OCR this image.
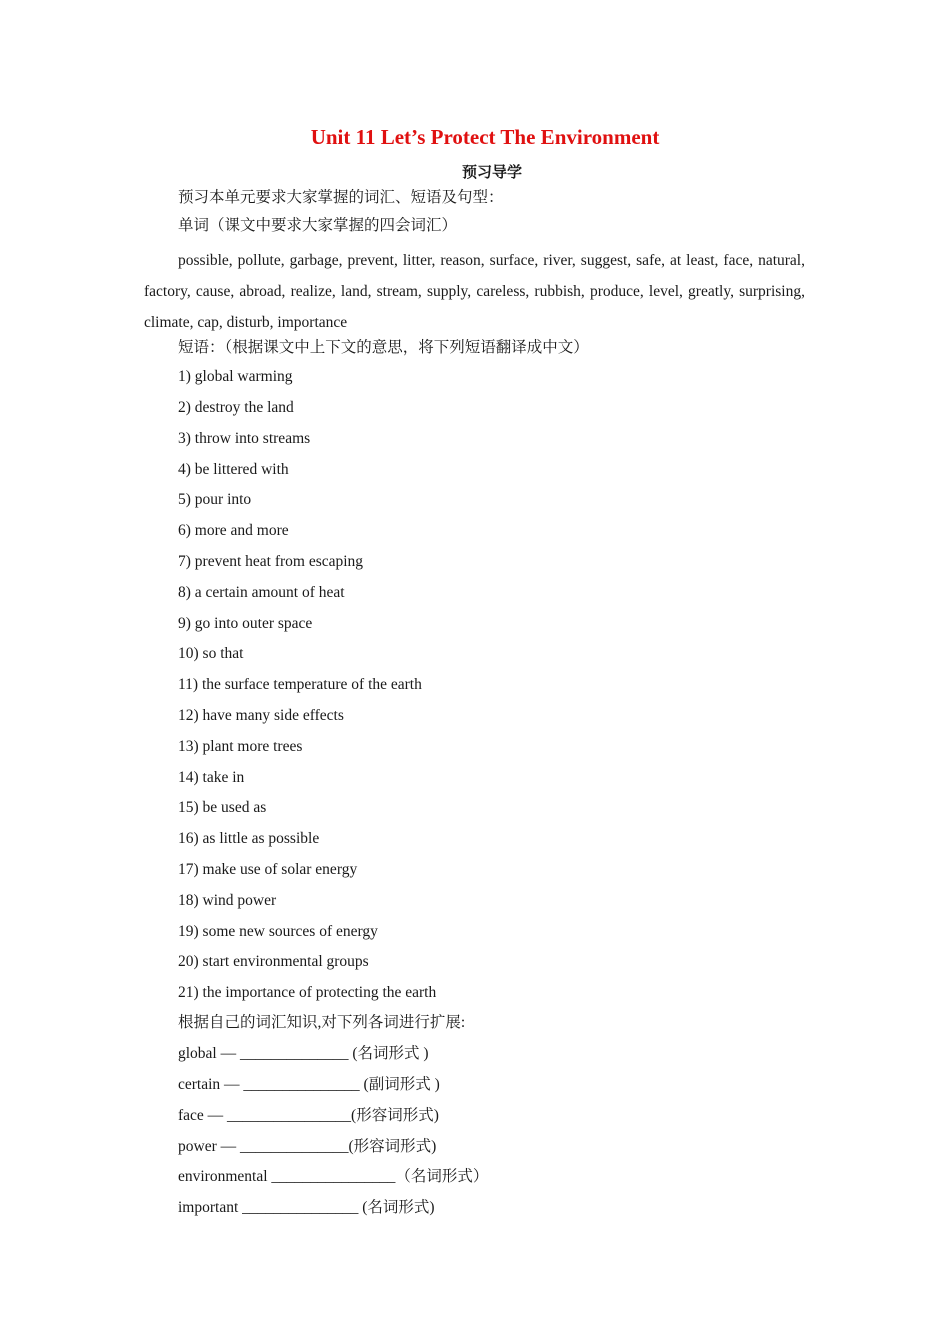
Unit 11 Let’s Protect The Environment
预习导学
预习本单元要求大家掌握的词汇、短语及句型：
单词（课文中要求大家掌握的四会词汇）
possible, pollute, garbage, prevent, litter, reason, surface, river, suggest, safe, at least, face, natural, factory, cause, abroad, realize, land, stream, supply, careless, rubbish, produce, level, greatly, surprising, climate, cap, disturb, importance
短语：（根据课文中上下文的意思，将下列短语翻译成中文）
1) global warming
2) destroy the land
3) throw into streams
4) be littered with
5) pour into
6) more and more
7) prevent heat from escaping
8) a certain amount of heat
9) go into outer space
10) so that
11) the surface temperature of the earth
12) have many side effects
13) plant more trees
14) take in
15) be used as
16) as little as possible
17) make use of solar energy
18) wind power
19) some new sources of energy
20) start environmental groups
21) the importance of protecting the earth
根据自己的词汇知识,对下列各词进行扩展:
global — ______________ (名词形式 )
certain — _______________ (副词形式 )
face — ________________(形容词形式)
power — ______________(形容词形式)
environmental ________________（名词形式）
important _______________ (名词形式)
